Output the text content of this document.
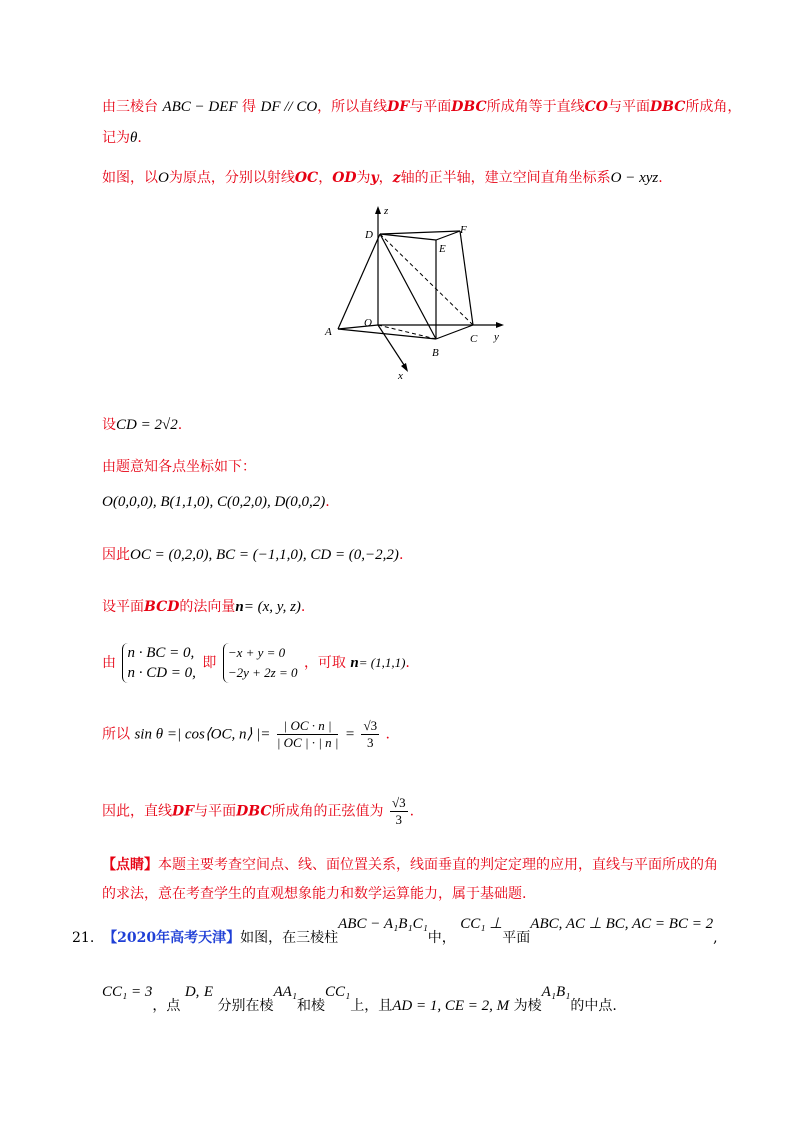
由三棱台 ABC − DEF 得 DF // CO，所以直线DF与平面DBC所成角等于直线CO与平面DBC所成角，
记为θ.
如图，以O为原点，分别以射线OC，OD为y，z轴的正半轴，建立空间直角坐标系O − xyz.
z
y
x
D	F
E
O
A
B
C
设CD = 2√2.
由题意知各点坐标如下：
O(0,0,0), B(1,1,0), C(0,2,0), D(0,0,2).
因此OC = (0,2,0), BC = (−1,1,0), CD = (0,−2,2).
设平面BCD的法向量n= (x, y, z).
由
n · BC = 0,
n · CD = 0,
即
−x + y = 0
−2y + 2z = 0
，可取 n= (1,1,1).
所以 sin θ =| cos⟨OC, n⟩ |= $\frac{| OC \cdot n |}{| OC | \cdot | n |} = \frac{√3}{3}$ .
因此，直线DF与平面DBC所成角的正弦值为 $\frac{√3}{3}$ .
【点睛】本题主要考查空间点、线、面位置关系，线面垂直的判定定理的应用，直线与平面所成的角
的求法，意在考查学生的直观想象能力和数学运算能力，属于基础题.
21. 【2020年高考天津】如图，在三棱柱ABC − A₁B₁C₁中， CC₁ ⊥平面ABC, AC ⊥ BC, AC = BC = 2,
CC₁ = 3，点 D, E 分别在棱AA₁和棱CC₁上，且AD = 1, CE = 2, M 为棱A₁B₁的中点.
